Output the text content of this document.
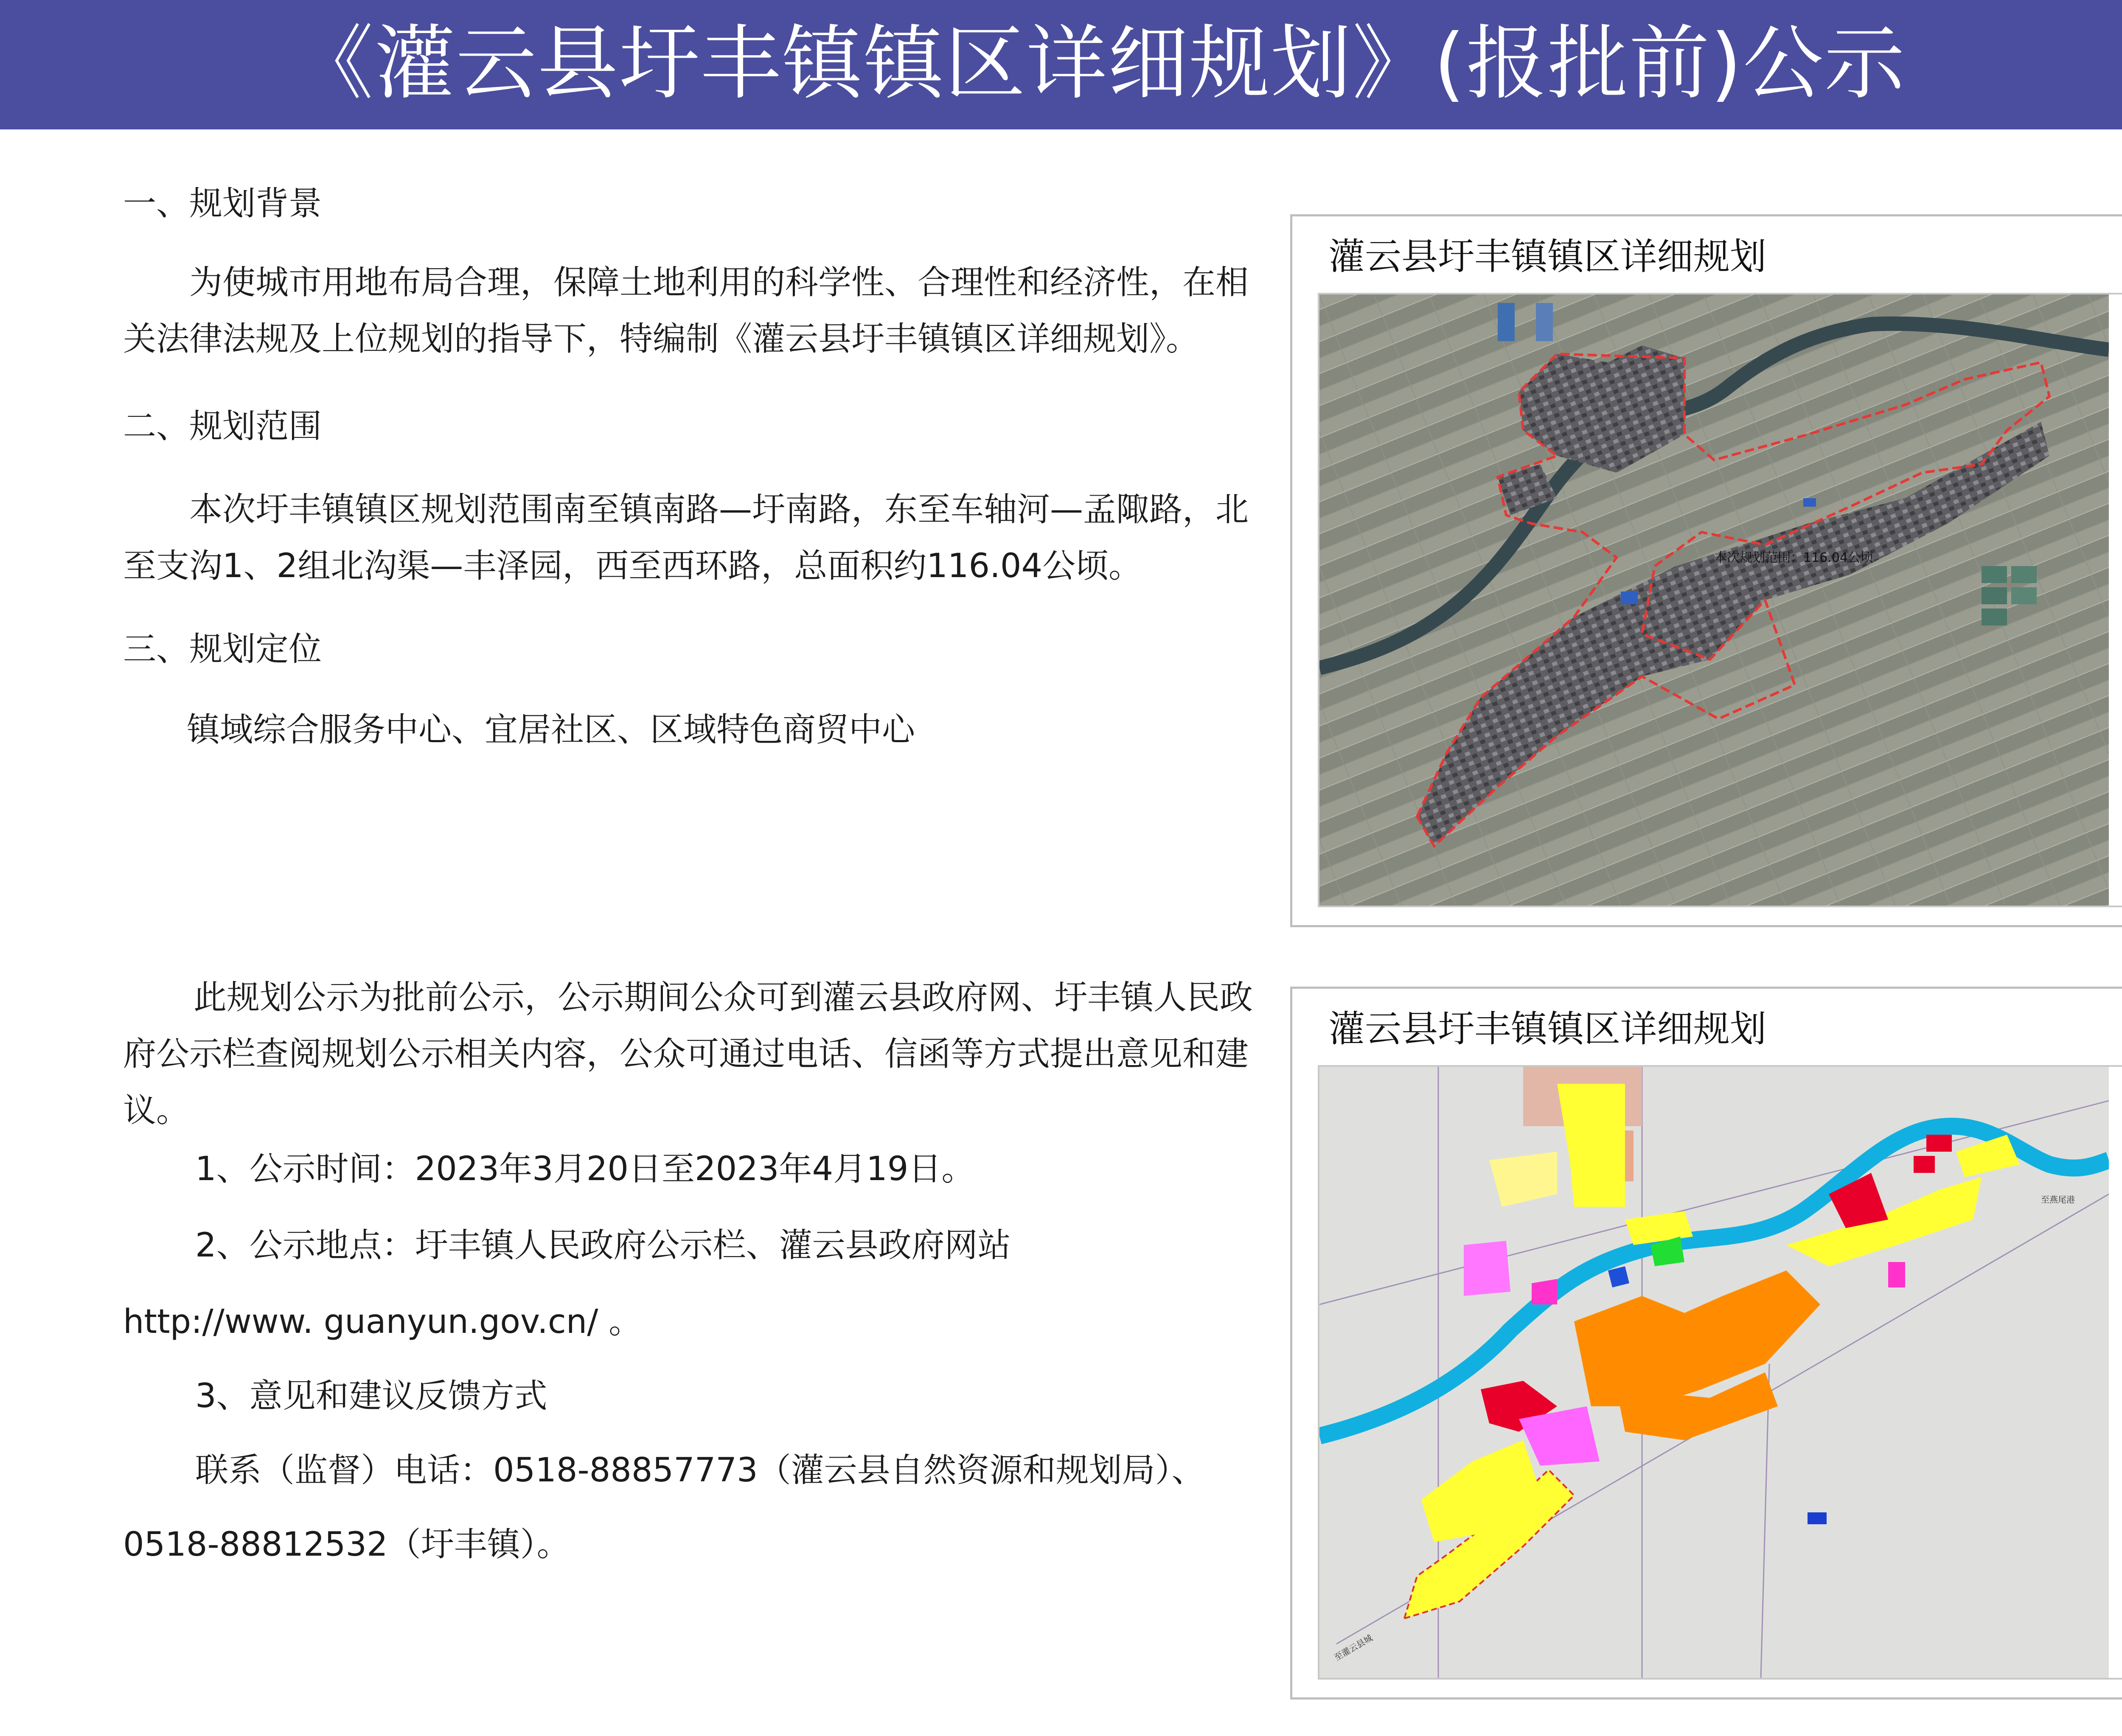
《灌云县圩丰镇镇区详细规划》(报批前)公示
一、规划背景
为使城市用地布局合理，保障土地利用的科学性、合理性和经济性，在相关法律法规及上位规划的指导下，特编制《灌云县圩丰镇镇区详细规划》。
二、规划范围
本次圩丰镇镇区规划范围南至镇南路—圩南路，东至车轴河—孟陬路，北至支沟1、2组北沟渠—丰泽园，西至西环路，总面积约116.04公顷。
三、规划定位
镇域综合服务中心、宜居社区、区域特色商贸中心
此规划公示为批前公示，公示期间公众可到灌云县政府网、圩丰镇人民政府公示栏查阅规划公示相关内容，公众可通过电话、信函等方式提出意见和建议。
1、公示时间：2023年3月20日至2023年4月19日。
2、公示地点：圩丰镇人民政府公示栏、灌云县政府网站
http://www. guanyun.gov.cn/ 。
3、意见和建议反馈方式
联系（监督）电话：0518-88857773（灌云县自然资源和规划局）、
0518-88812532（圩丰镇）。
灌云县圩丰镇镇区详细规划
本次规划范围：116.04公顷
灌云县圩丰镇镇区详细规划
至燕尾港
至灌云县城
